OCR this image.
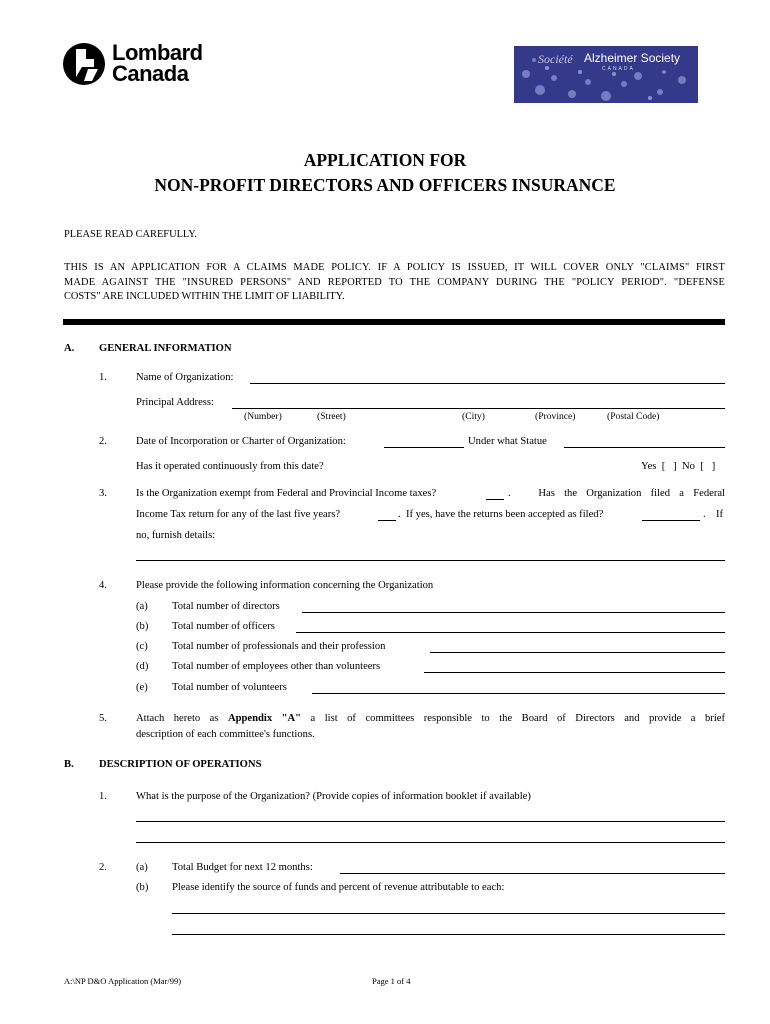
Lombard
Canada
Société Alzheimer Society
CANADA
APPLICATION FOR
NON-PROFIT DIRECTORS AND OFFICERS INSURANCE
PLEASE READ CAREFULLY.
THIS IS AN APPLICATION FOR A CLAIMS MADE POLICY. IF A POLICY IS ISSUED, IT WILL COVER ONLY "CLAIMS" FIRST
MADE AGAINST THE "INSURED PERSONS" AND REPORTED TO THE COMPANY DURING THE "POLICY PERIOD". "DEFENSE
COSTS" ARE INCLUDED WITHIN THE LIMIT OF LIABILITY.
A. GENERAL INFORMATION
1.	Name of Organization:
Principal Address:
(Number)	(Street)	(City)	(Province)	(Postal Code)
2.	Date of Incorporation or Charter of Organization:	Under what Statue
Has it operated continuously from this date?	Yes  [   ]  No  [   ]
3.	Is the Organization exempt from Federal and Provincial Income taxes?	.   Has the Organization filed a Federal
Income Tax return for any of the last five years?	.  If yes, have the returns been accepted as filed?	. If
no, furnish details:
4.	Please provide the following information concerning the Organization
(a) Total number of directors
(b) Total number of officers
(c) Total number of professionals and their profession
(d) Total number of employees other than volunteers
(e) Total number of volunteers
5.	Attach hereto as Appendix "A" a list of committees responsible to the Board of Directors and provide a brief
description of each committee's functions.
B. DESCRIPTION OF OPERATIONS
1.	What is the purpose of the Organization? (Provide copies of information booklet if available)
2.	(a) Total Budget for next 12 months:
(b) Please identify the source of funds and percent of revenue attributable to each:
A:\NP D&O Application (Mar/99)	Page 1 of 4
